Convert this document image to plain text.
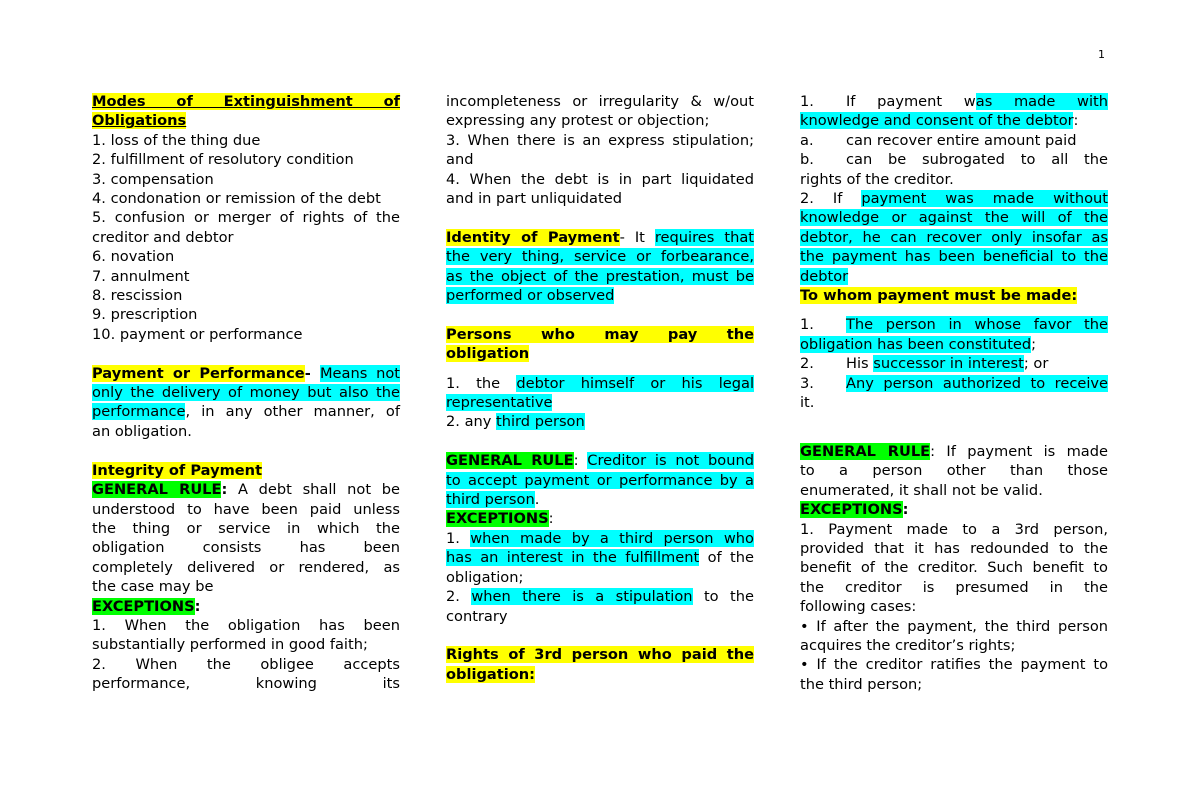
1
Modes of Extinguishment of
Obligations
1. loss of the thing due
2. fulfillment of resolutory condition
3. compensation
4. condonation or remission of the debt
5. confusion or merger of rights of the
creditor and debtor
6. novation
7. annulment
8. rescission
9. prescription
10. payment or performance
Payment or Performance- Means not
only the delivery of money but also the
performance, in any other manner, of
an obligation.
Integrity of Payment
GENERAL RULE: A debt shall not be
understood to have been paid unless
the thing or service in which the
obligation consists has been
completely delivered or rendered, as
the case may be
EXCEPTIONS:
1. When the obligation has been
substantially performed in good faith;
2. When the obligee accepts
performance, knowing its
incompleteness or irregularity & w/out
expressing any protest or objection;
3. When there is an express stipulation;
and
4. When the debt is in part liquidated
and in part unliquidated
Identity of Payment- It requires that
the very thing, service or forbearance,
as the object of the prestation, must be
performed or observed
Persons who may pay the
obligation
1. the debtor himself or his legal
representative
2. any third person
GENERAL RULE: Creditor is not bound
to accept payment or performance by a
third person.
EXCEPTIONS:
1. when made by a third person who
has an interest in the fulfillment of the
obligation;
2. when there is a stipulation to the
contrary
Rights of 3rd person who paid the
obligation:
1. If payment was made with
knowledge and consent of the debtor:
a. can recover entire amount paid
b. can be subrogated to all the
rights of the creditor.
2. If payment was made without
knowledge or against the will of the
debtor, he can recover only insofar as
the payment has been beneficial to the
debtor
To whom payment must be made:
1. The person in whose favor the
obligation has been constituted;
2. His successor in interest; or
3. Any person authorized to receive
it.
GENERAL RULE: If payment is made
to a person other than those
enumerated, it shall not be valid.
EXCEPTIONS:
1. Payment made to a 3rd person,
provided that it has redounded to the
benefit of the creditor. Such benefit to
the creditor is presumed in the
following cases:
• If after the payment, the third person
acquires the creditor’s rights;
• If the creditor ratifies the payment to
the third person;
